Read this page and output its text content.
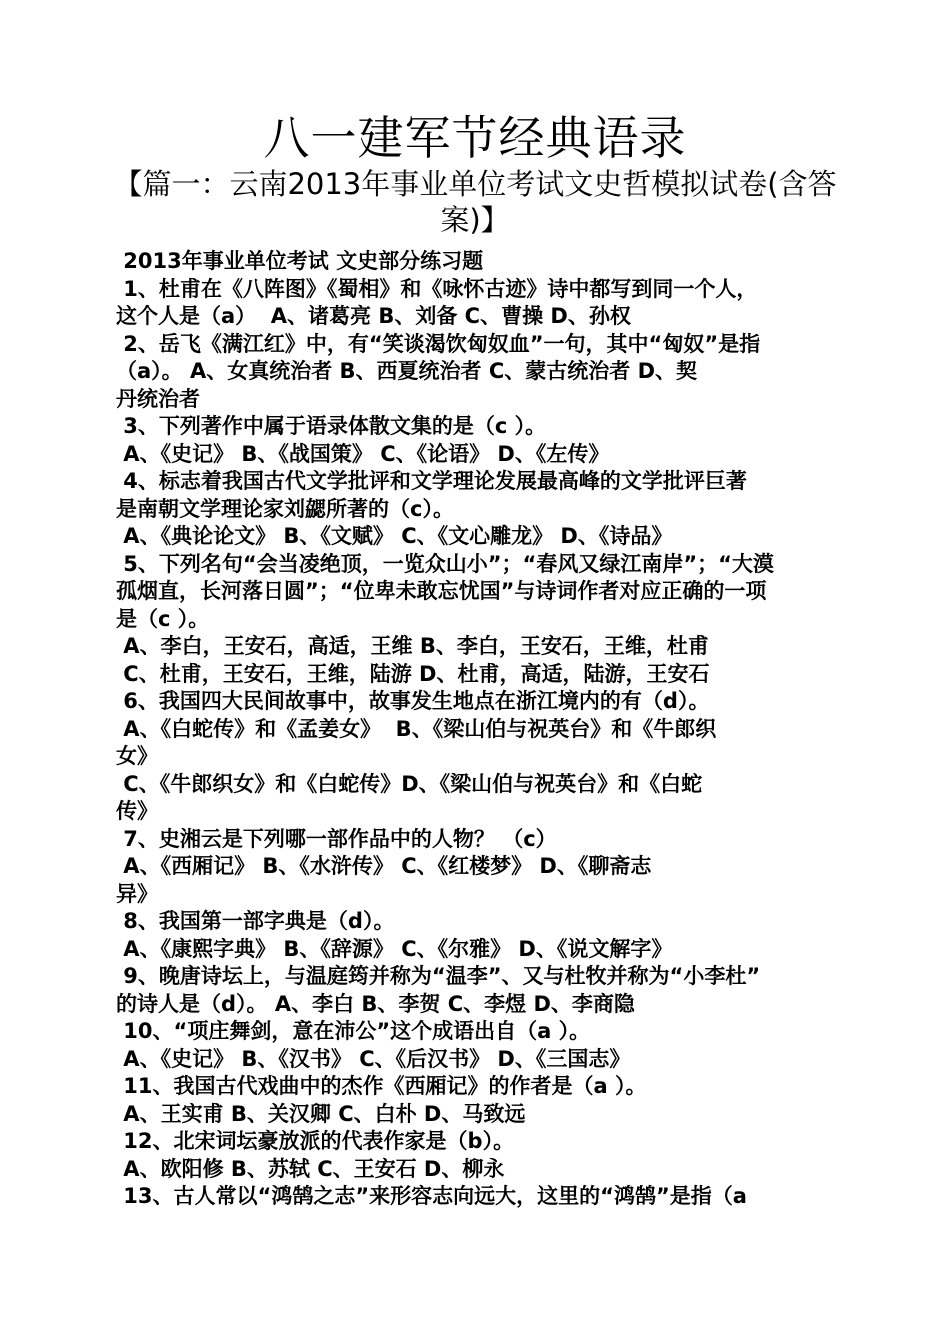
八一建军节经典语录
【篇一：云南2013年事业单位考试文史哲模拟试卷(含答案)】
2013年事业单位考试 文史部分练习题
1、杜甫在《八阵图》《蜀相》和《咏怀古迹》诗中都写到同一个人，
这个人是（a）  A、诸葛亮 B、刘备 C、曹操 D、孙权
2、岳飞《满江红》中，有“笑谈渴饮匈奴血”一句，其中“匈奴”是指
（a）。 A、女真统治者 B、西夏统治者 C、蒙古统治者 D、契
丹统治者
3、下列著作中属于语录体散文集的是（c ）。
A、《史记》 B、《战国策》 C、《论语》 D、《左传》
4、标志着我国古代文学批评和文学理论发展最高峰的文学批评巨著
是南朝文学理论家刘勰所著的（c）。
A、《典论论文》 B、《文赋》 C、《文心雕龙》 D、《诗品》
5、下列名句“会当凌绝顶，一览众山小”；“春风又绿江南岸”；“大漠
孤烟直，长河落日圆”；“位卑未敢忘忧国”与诗词作者对应正确的一项
是（c ）。
A、李白，王安石，高适，王维 B、李白，王安石，王维，杜甫
C、杜甫，王安石，王维，陆游 D、杜甫，高适，陆游，王安石
6、我国四大民间故事中，故事发生地点在浙江境内的有（d）。
A、《白蛇传》和《孟姜女》  B、《梁山伯与祝英台》和《牛郎织
女》
C、《牛郎织女》和《白蛇传》D、《梁山伯与祝英台》和《白蛇
传》
7、史湘云是下列哪一部作品中的人物？ （c）
A、《西厢记》 B、《水浒传》 C、《红楼梦》 D、《聊斋志
异》
8、我国第一部字典是（d）。
A、《康熙字典》 B、《辞源》 C、《尔雅》 D、《说文解字》
9、晚唐诗坛上，与温庭筠并称为“温李”、又与杜牧并称为“小李杜”
的诗人是（d）。 A、李白 B、李贺 C、李煜 D、李商隐
10、“项庄舞剑，意在沛公”这个成语出自（a ）。
A、《史记》 B、《汉书》 C、《后汉书》 D、《三国志》
11、我国古代戏曲中的杰作《西厢记》的作者是（a ）。
A、王实甫 B、关汉卿 C、白朴 D、马致远
12、北宋词坛豪放派的代表作家是（b）。
A、欧阳修 B、苏轼 C、王安石 D、柳永
13、古人常以“鸿鹄之志”来形容志向远大，这里的“鸿鹄”是指（a
